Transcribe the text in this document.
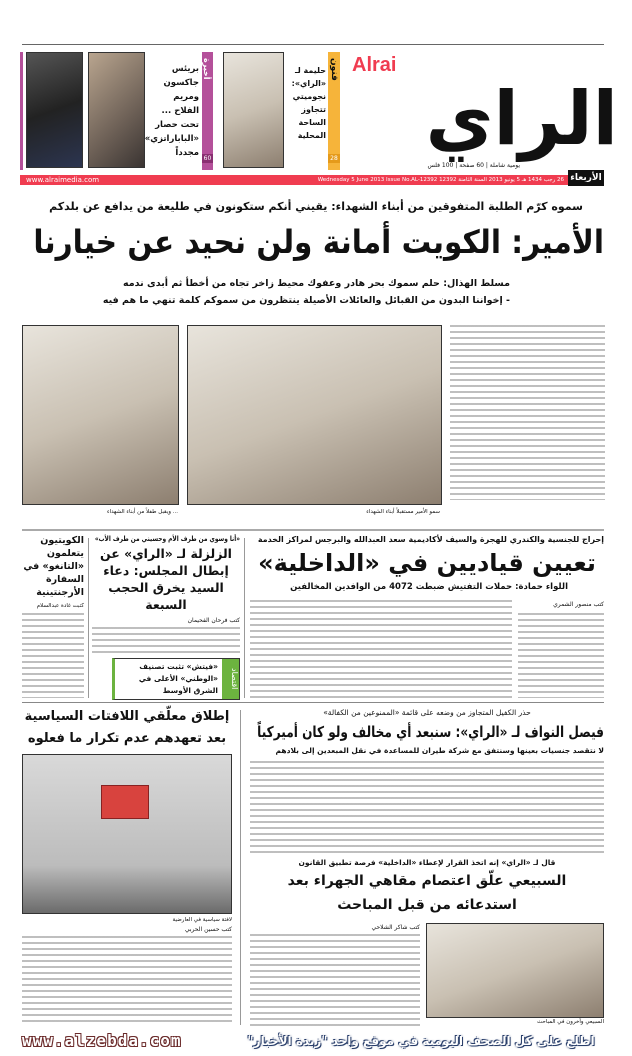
Alrai
الراي
يومية شاملة | 60 صفحة | 100 فلس
فنون
28
حليمة لـ «الراي»: نجوميتي تتجاوز الساحة المحلية
أخيرة
60
بريئس جاكسون ومريم الفلاح ... تحت حصار «الباباراتزي» مجدداً
www.alraimedia.com	26 رجب 1434 هـ 5 يونيو 2013 السنة الثامنة 12392 Wednesday 5 June 2013 Issue No.AL-12392 الأربعاء
سموه كرّم الطلبة المتفوقين من أبناء الشهداء: يقيني أنكم ستكونون في طليعة من يدافع عن بلدكم
الأمير: الكويت أمانة ولن نحيد عن خيارنا
مسلط الهذال: حلم سموك بحر هادر وعفوك محيط زاخر تجاه من أخطأ ثم أبدى ندمه
- إخواننا البدون من القبائل والعائلات الأصيلة ينتظرون من سموكم كلمة تنهي ما هم فيه
سمو الأمير مستقبلاً أبناء الشهداء
... ويقبل طفلاً من أبناء الشهداء
إحراج للجنسية والكندري للهجرة والسيف لأكاديمية سعد العبدالله والبرجس لمراكز الخدمة
تعيين قياديين في «الداخلية»
اللواء حمادة: حملات التفتيش ضبطت 4072 من الوافدين المخالفين
كتب منصور الشمري
«أنا وسوي من طرف الأم وحسيني من طرف الأب»
الزلزلة لـ «الراي» عن إبطال المجلس: دعاء السيد يخرق الحجب السبعة
كتب فرحان الفحيمان
اقتصاد
«فيتش» تثبت تصنيف «الوطني» الأعلى في الشرق الأوسط
الكويتيون يتعلمون «التانغو» في السفارة الأرجنتينية
كتبت غادة عبدالسلام
حذر الكفيل المتجاوز من وضعه على قائمة «الممنوعين من الكفالة»
فيصل النواف لـ «الراي»: سنبعد أي مخالف ولو كان أميركياً
لا نتقصد جنسيات بعينها وسنتفق مع شركة طيران للمساعدة في نقل المبعدين إلى بلادهم
إطلاق معلّقي اللافتات السياسية بعد تعهدهم عدم تكرار ما فعلوه
لافتة سياسية في العارضية
كتب حسين الحربي
قال لـ «الراي» إنه اتخذ القرار لإعطاء «الداخلية» فرصة تطبيق القانون
السبيعي علّق اعتصام مقاهي الجهراء بعد استدعائه من قبل المباحث
كتب شاكر الشلاحي
السبيعي وآخرون في المباحث
اطلع على كل الصحف اليومية في موقع واحد "زبدة الأخبار"
www.alzebda.com
